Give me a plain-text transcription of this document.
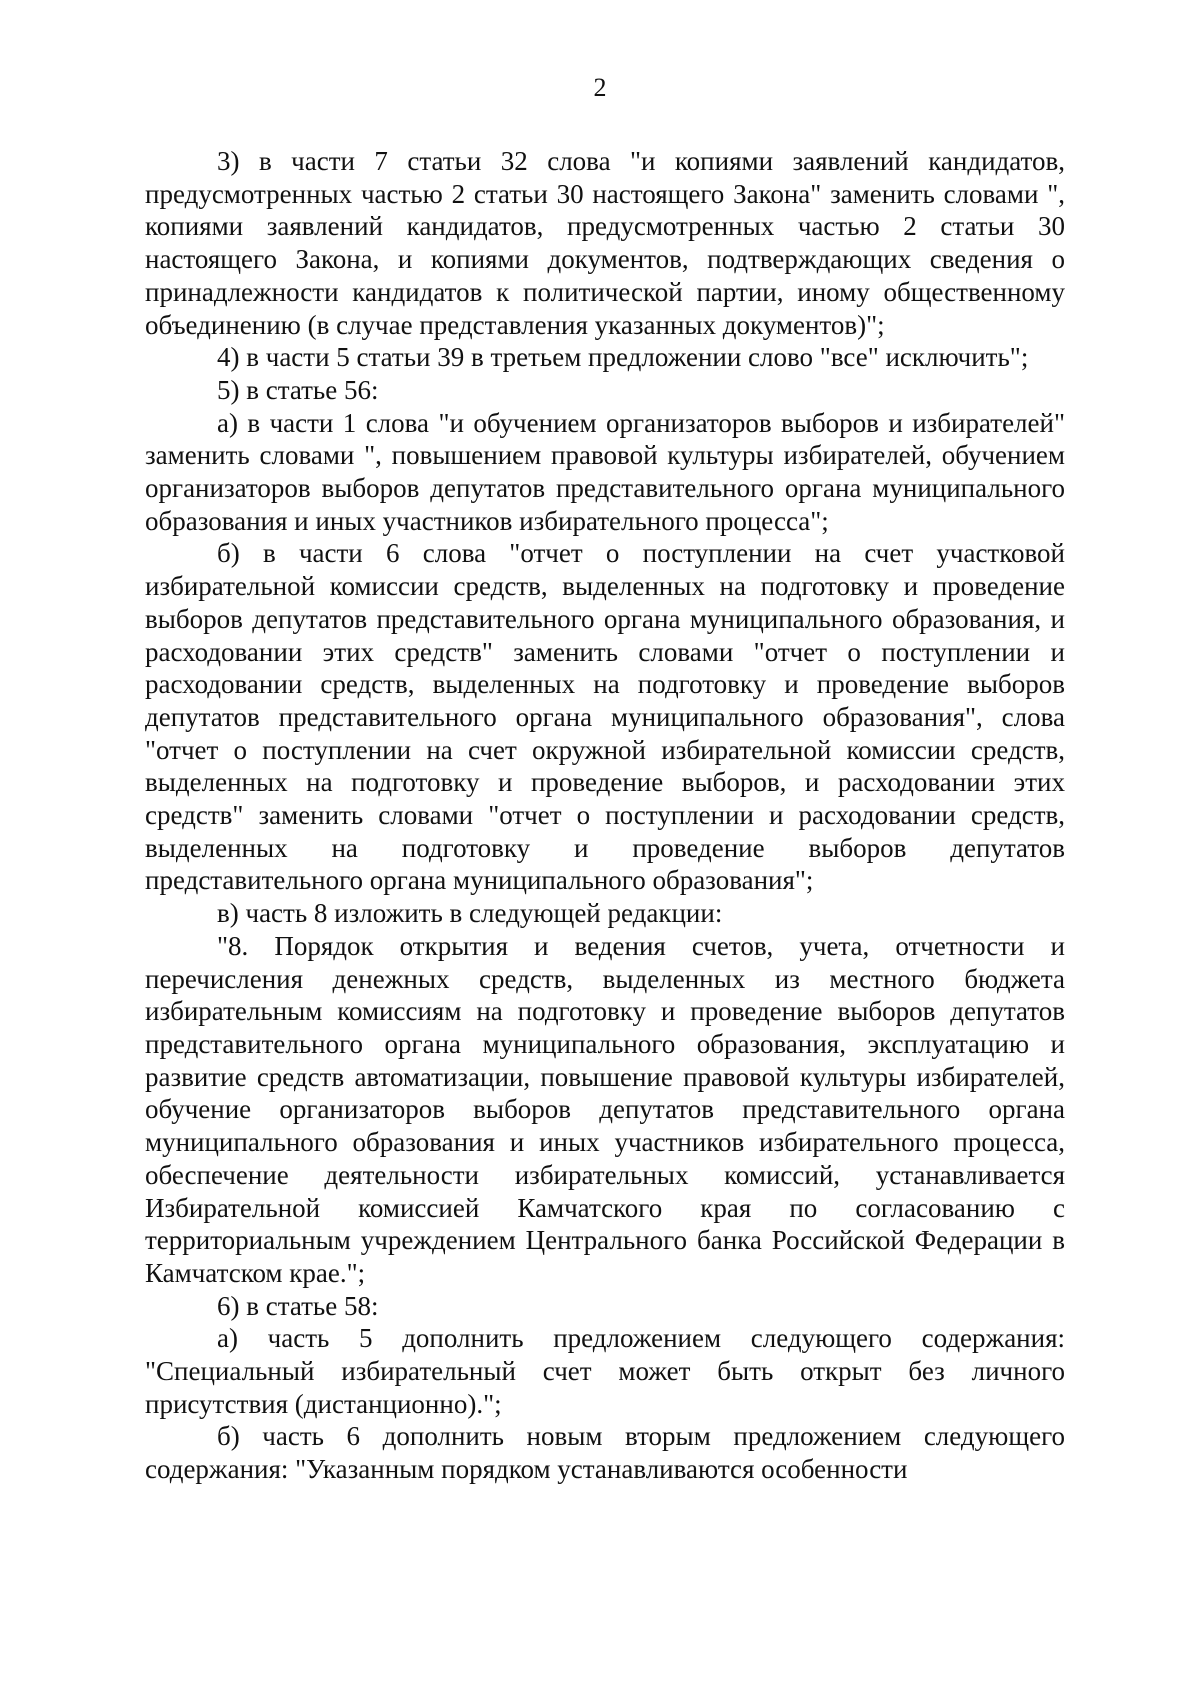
2

3) в части 7 статьи 32 слова "и копиями заявлений кандидатов, предусмотренных частью 2 статьи 30 настоящего Закона" заменить словами ", копиями заявлений кандидатов, предусмотренных частью 2 статьи 30 настоящего Закона, и копиями документов, подтверждающих сведения о принадлежности кандидатов к политической партии, иному общественному объединению (в случае представления указанных документов)";

4) в части 5 статьи 39 в третьем предложении слово "все" исключить";

5) в статье 56:

а) в части 1 слова "и обучением организаторов выборов и избирателей" заменить словами ", повышением правовой культуры избирателей, обучением организаторов выборов депутатов представительного органа муниципального образования и иных участников избирательного процесса";

б) в части 6 слова "отчет о поступлении на счет участковой избирательной комиссии средств, выделенных на подготовку и проведение выборов депутатов представительного органа муниципального образования, и расходовании этих средств" заменить словами "отчет о поступлении и расходовании средств, выделенных на подготовку и проведение выборов депутатов представительного органа муниципального образования", слова "отчет о поступлении на счет окружной избирательной комиссии средств, выделенных на подготовку и проведение выборов, и расходовании этих средств" заменить словами "отчет о поступлении и расходовании средств, выделенных на подготовку и проведение выборов депутатов представительного органа муниципального образования";

в) часть 8 изложить в следующей редакции:

"8. Порядок открытия и ведения счетов, учета, отчетности и перечисления денежных средств, выделенных из местного бюджета избирательным комиссиям на подготовку и проведение выборов депутатов представительного органа муниципального образования, эксплуатацию и развитие средств автоматизации, повышение правовой культуры избирателей, обучение организаторов выборов депутатов представительного органа муниципального образования и иных участников избирательного процесса, обеспечение деятельности избирательных комиссий, устанавливается Избирательной комиссией Камчатского края по согласованию с территориальным учреждением Центрального банка Российской Федерации в Камчатском крае.";

6) в статье 58:

а) часть 5 дополнить предложением следующего содержания: "Специальный избирательный счет может быть открыт без личного присутствия (дистанционно).";

б) часть 6 дополнить новым вторым предложением следующего содержания: "Указанным порядком устанавливаются особенности
